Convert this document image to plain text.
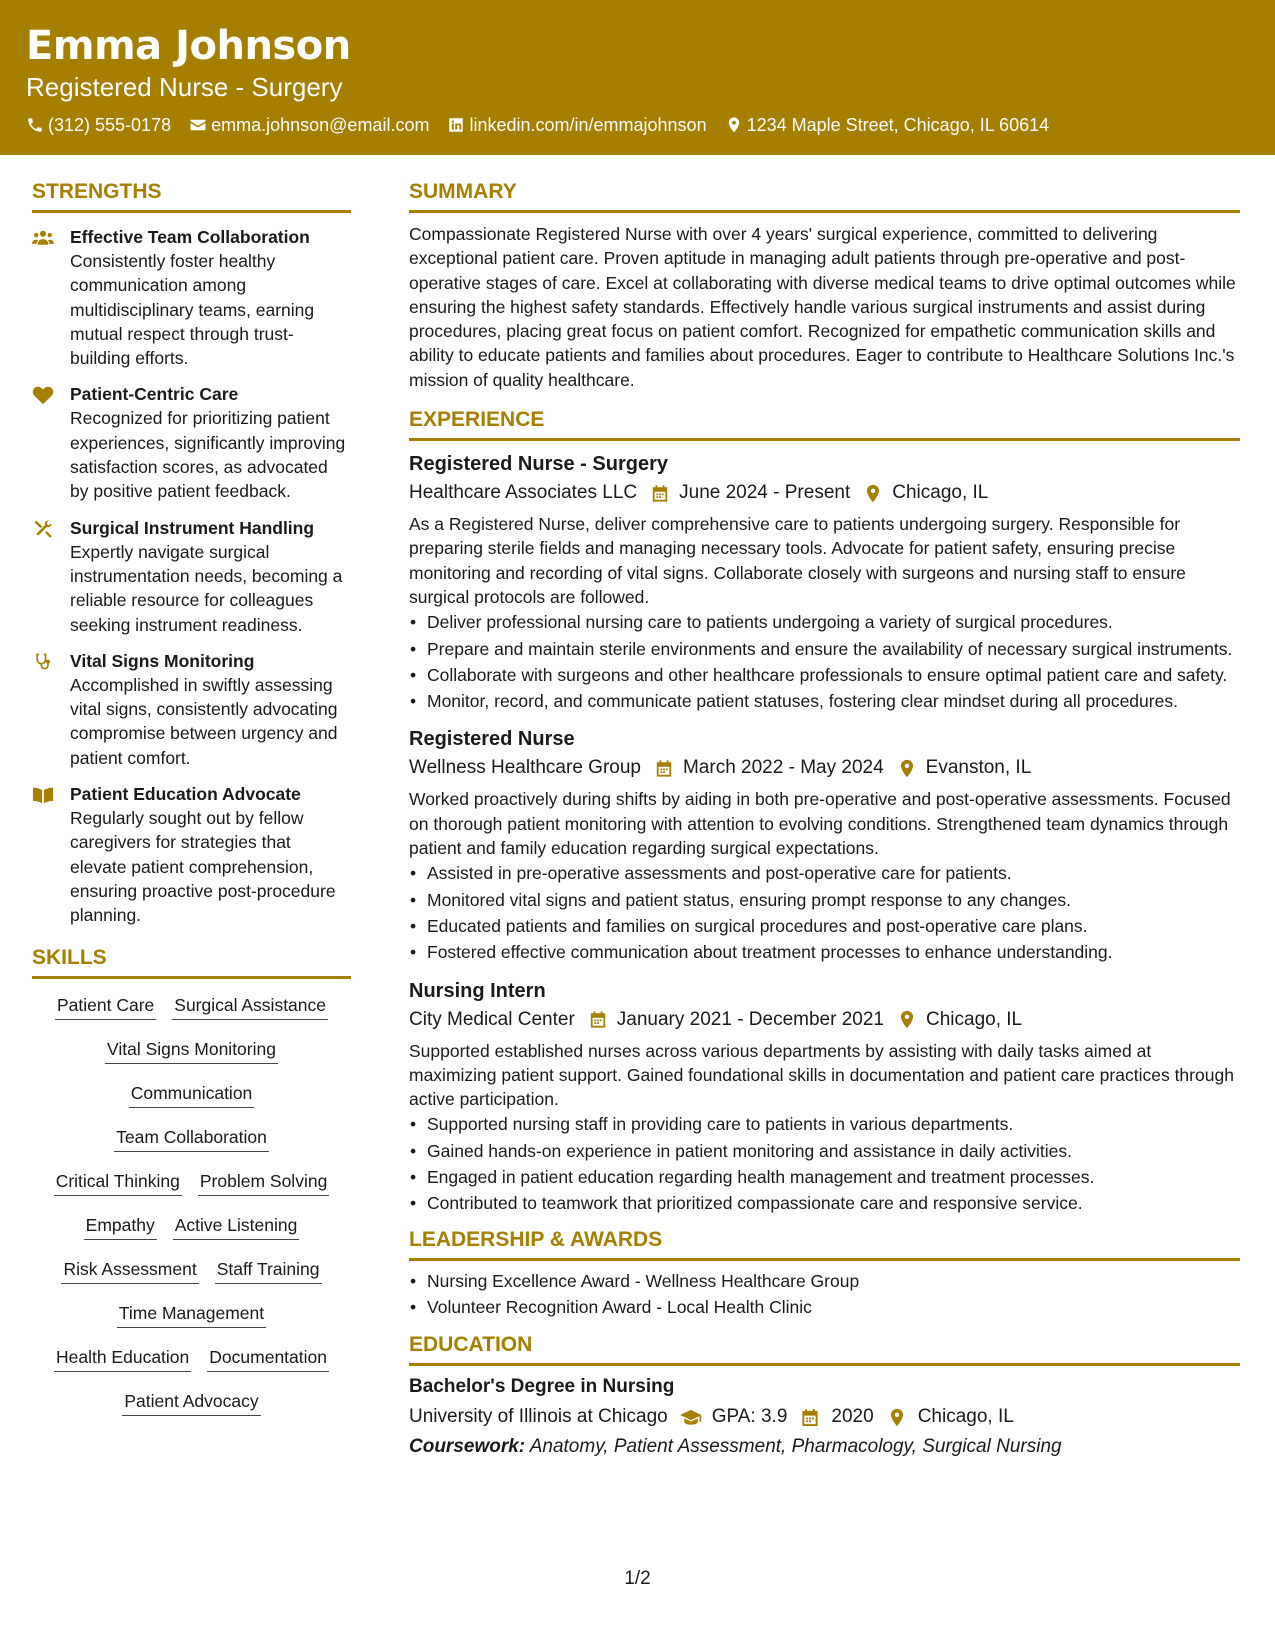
Emma Johnson
Registered Nurse - Surgery
(312) 555-0178 emma.johnson@email.com linkedin.com/in/emmajohnson 1234 Maple Street, Chicago, IL 60614
STRENGTHS
Effective Team Collaboration
Consistently foster healthy communication among multidisciplinary teams, earning mutual respect through trust-building efforts.
Patient-Centric Care
Recognized for prioritizing patient experiences, significantly improving satisfaction scores, as advocated by positive patient feedback.
Surgical Instrument Handling
Expertly navigate surgical instrumentation needs, becoming a reliable resource for colleagues seeking instrument readiness.
Vital Signs Monitoring
Accomplished in swiftly assessing vital signs, consistently advocating compromise between urgency and patient comfort.
Patient Education Advocate
Regularly sought out by fellow caregivers for strategies that elevate patient comprehension, ensuring proactive post-procedure planning.
SKILLS
Patient Care Surgical Assistance
Vital Signs Monitoring
Communication
Team Collaboration
Critical Thinking Problem Solving
Empathy Active Listening
Risk Assessment Staff Training
Time Management
Health Education Documentation
Patient Advocacy
SUMMARY
Compassionate Registered Nurse with over 4 years' surgical experience, committed to delivering exceptional patient care. Proven aptitude in managing adult patients through pre-operative and post-operative stages of care. Excel at collaborating with diverse medical teams to drive optimal outcomes while ensuring the highest safety standards. Effectively handle various surgical instruments and assist during procedures, placing great focus on patient comfort. Recognized for empathetic communication skills and ability to educate patients and families about procedures. Eager to contribute to Healthcare Solutions Inc.'s mission of quality healthcare.
EXPERIENCE
Registered Nurse - Surgery
Healthcare Associates LLC June 2024 - Present Chicago, IL
As a Registered Nurse, deliver comprehensive care to patients undergoing surgery. Responsible for preparing sterile fields and managing necessary tools. Advocate for patient safety, ensuring precise monitoring and recording of vital signs. Collaborate closely with surgeons and nursing staff to ensure surgical protocols are followed.
• Deliver professional nursing care to patients undergoing a variety of surgical procedures.
• Prepare and maintain sterile environments and ensure the availability of necessary surgical instruments.
• Collaborate with surgeons and other healthcare professionals to ensure optimal patient care and safety.
• Monitor, record, and communicate patient statuses, fostering clear mindset during all procedures.
Registered Nurse
Wellness Healthcare Group March 2022 - May 2024 Evanston, IL
Worked proactively during shifts by aiding in both pre-operative and post-operative assessments. Focused on thorough patient monitoring with attention to evolving conditions. Strengthened team dynamics through patient and family education regarding surgical expectations.
• Assisted in pre-operative assessments and post-operative care for patients.
• Monitored vital signs and patient status, ensuring prompt response to any changes.
• Educated patients and families on surgical procedures and post-operative care plans.
• Fostered effective communication about treatment processes to enhance understanding.
Nursing Intern
City Medical Center January 2021 - December 2021 Chicago, IL
Supported established nurses across various departments by assisting with daily tasks aimed at maximizing patient support. Gained foundational skills in documentation and patient care practices through active participation.
• Supported nursing staff in providing care to patients in various departments.
• Gained hands-on experience in patient monitoring and assistance in daily activities.
• Engaged in patient education regarding health management and treatment processes.
• Contributed to teamwork that prioritized compassionate care and responsive service.
LEADERSHIP & AWARDS
• Nursing Excellence Award - Wellness Healthcare Group
• Volunteer Recognition Award - Local Health Clinic
EDUCATION
Bachelor's Degree in Nursing
University of Illinois at Chicago GPA: 3.9 2020 Chicago, IL
Coursework: Anatomy, Patient Assessment, Pharmacology, Surgical Nursing
1/2
